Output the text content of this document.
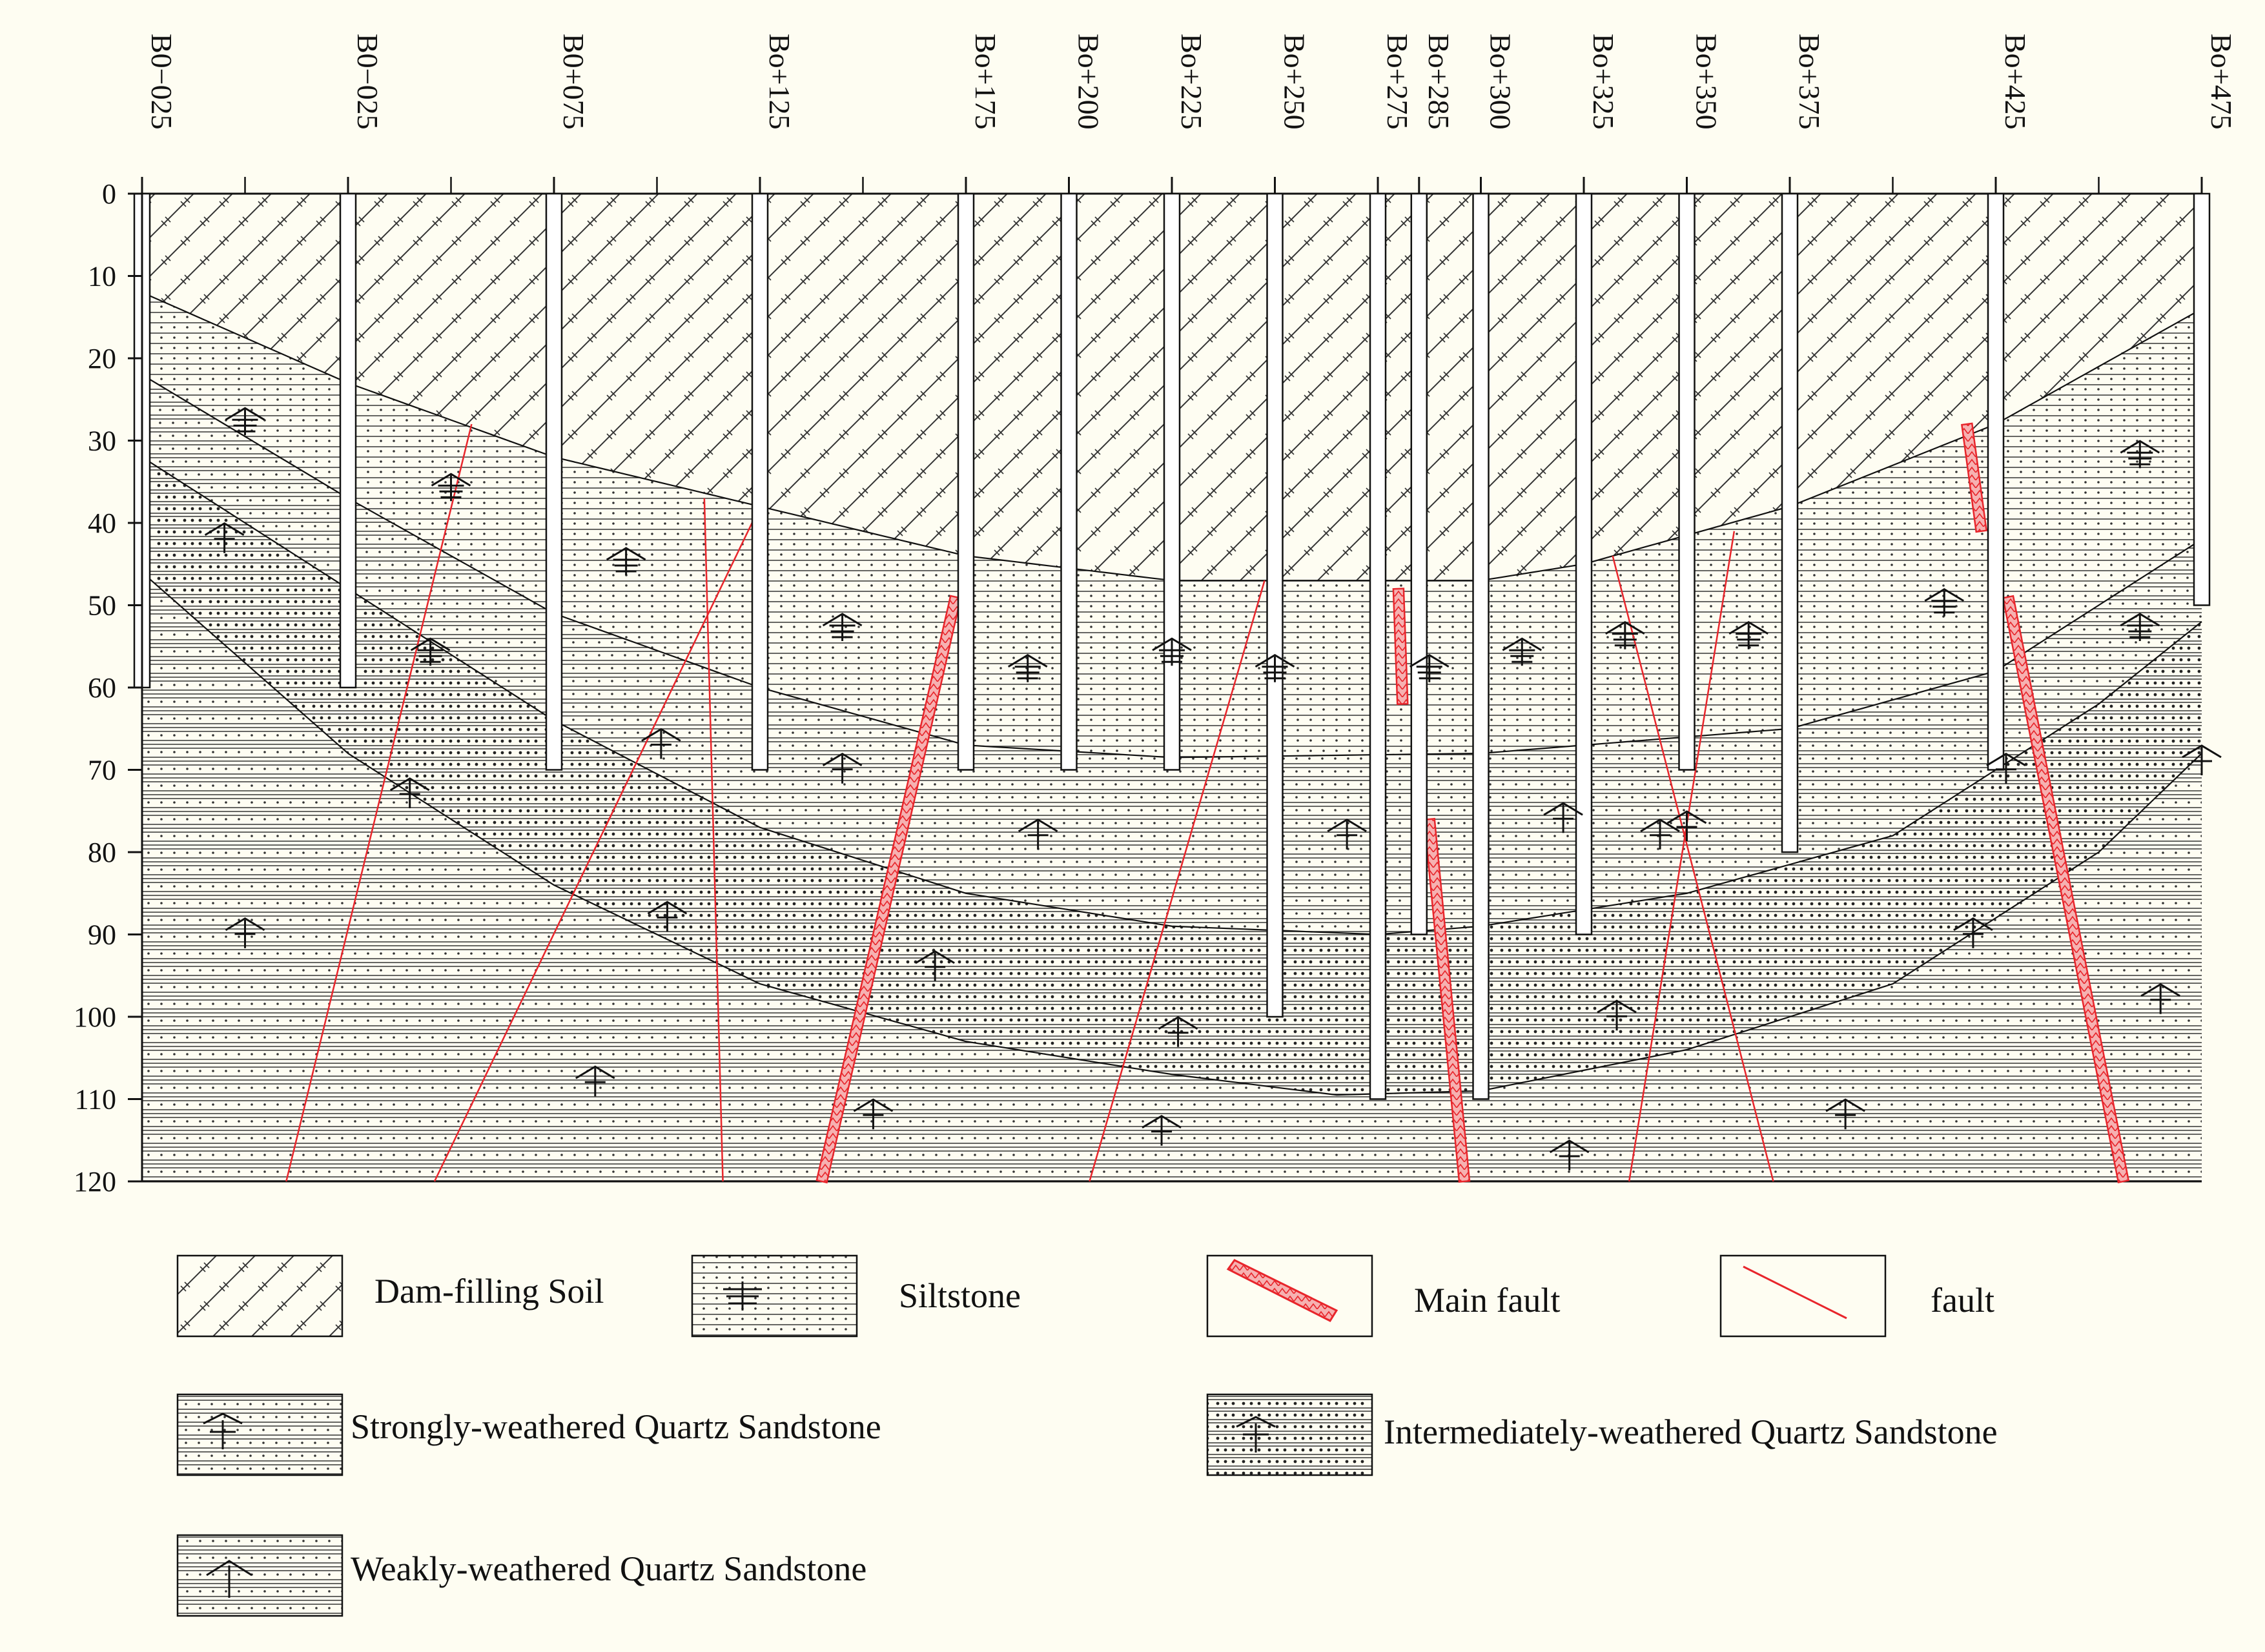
B0−025	B0−025	B0+075	Bo+125	Bo+175 Bo+200 Bo+225 Bo+250 Bo+275 Bo+285 Bo+300 Bo+325 Bo+350 Bo+375	Bo+425	Bo+475
0
10
20
30
40
50
60
70
80
90
100
110
120
Dam-filling Soil	Siltstone	Main fault	fault
Strongly-weathered Quartz Sandstone	Intermediately-weathered Quartz Sandstone
Weakly-weathered Quartz Sandstone
